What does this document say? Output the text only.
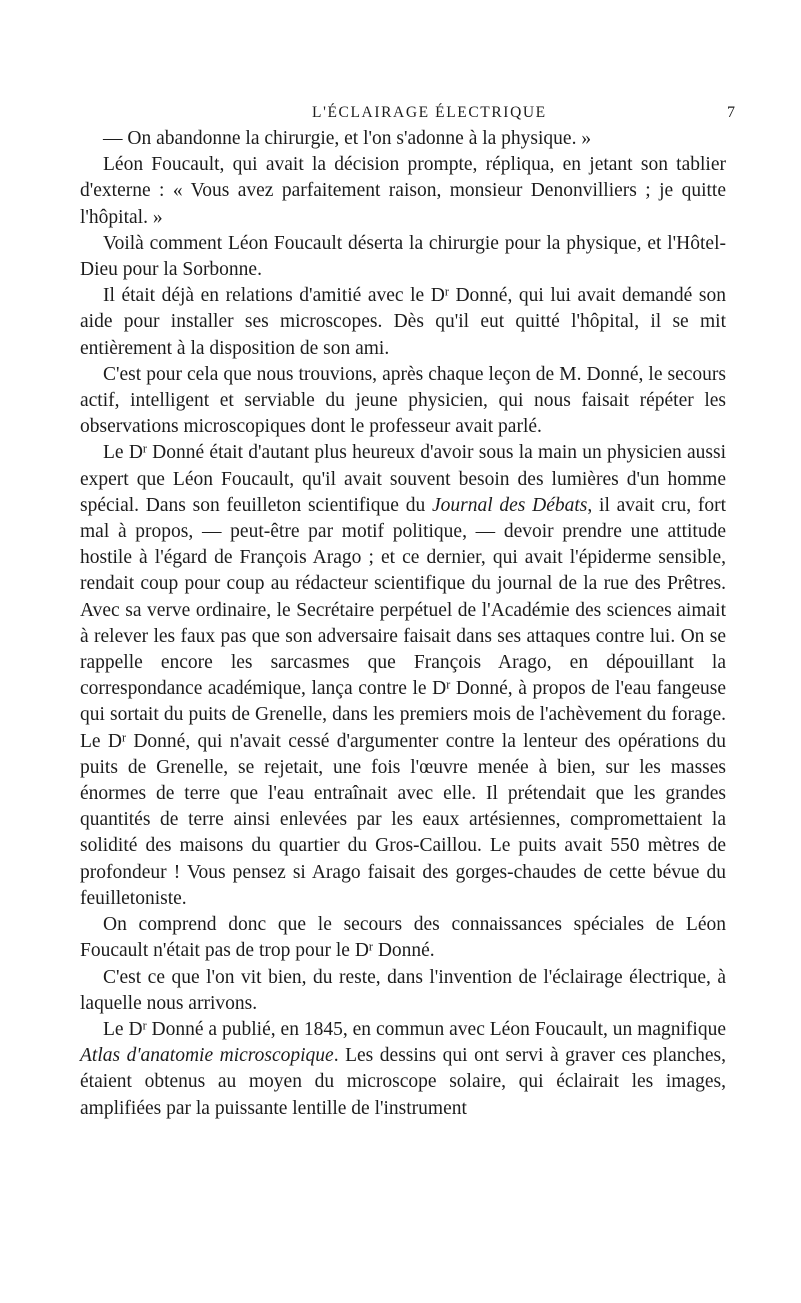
L'ÉCLAIRAGE ÉLECTRIQUE	7

— On abandonne la chirurgie, et l'on s'adonne à la physique. »

Léon Foucault, qui avait la décision prompte, répliqua, en jetant son tablier d'externe : « Vous avez parfaitement raison, monsieur Denonvilliers ; je quitte l'hôpital. »

Voilà comment Léon Foucault déserta la chirurgie pour la physique, et l'Hôtel-Dieu pour la Sorbonne.

Il était déjà en relations d'amitié avec le $D^r$ Donné, qui lui avait demandé son aide pour installer ses microscopes. Dès qu'il eut quitté l'hôpital, il se mit entièrement à la disposition de son ami.

C'est pour cela que nous trouvions, après chaque leçon de M. Donné, le secours actif, intelligent et serviable du jeune physicien, qui nous faisait répéter les observations microscopiques dont le professeur avait parlé.

Le $D^r$ Donné était d'autant plus heureux d'avoir sous la main un physicien aussi expert que Léon Foucault, qu'il avait souvent besoin des lumières d'un homme spécial. Dans son feuilleton scientifique du Journal des Débats, il avait cru, fort mal à propos, — peut-être par motif politique, — devoir prendre une attitude hostile à l'égard de François Arago ; et ce dernier, qui avait l'épiderme sensible, rendait coup pour coup au rédacteur scientifique du journal de la rue des Prêtres. Avec sa verve ordinaire, le Secrétaire perpétuel de l'Académie des sciences aimait à relever les faux pas que son adversaire faisait dans ses attaques contre lui. On se rappelle encore les sarcasmes que François Arago, en dépouillant la correspondance académique, lança contre le $D^r$ Donné, à propos de l'eau fangeuse qui sortait du puits de Grenelle, dans les premiers mois de l'achèvement du forage. Le $D^r$ Donné, qui n'avait cessé d'argumenter contre la lenteur des opérations du puits de Grenelle, se rejetait, une fois l'œuvre menée à bien, sur les masses énormes de terre que l'eau entraînait avec elle. Il prétendait que les grandes quantités de terre ainsi enlevées par les eaux artésiennes, compromettaient la solidité des maisons du quartier du Gros-Caillou. Le puits avait 550 mètres de profondeur ! Vous pensez si Arago faisait des gorges-chaudes de cette bévue du feuilletoniste.

On comprend donc que le secours des connaissances spéciales de Léon Foucault n'était pas de trop pour le $D^r$ Donné.

C'est ce que l'on vit bien, du reste, dans l'invention de l'éclairage électrique, à laquelle nous arrivons.

Le $D^r$ Donné a publié, en 1845, en commun avec Léon Foucault, un magnifique Atlas d'anatomie microscopique. Les dessins qui ont servi à graver ces planches, étaient obtenus au moyen du microscope solaire, qui éclairait les images, amplifiées par la puissante lentille de l'instrument
